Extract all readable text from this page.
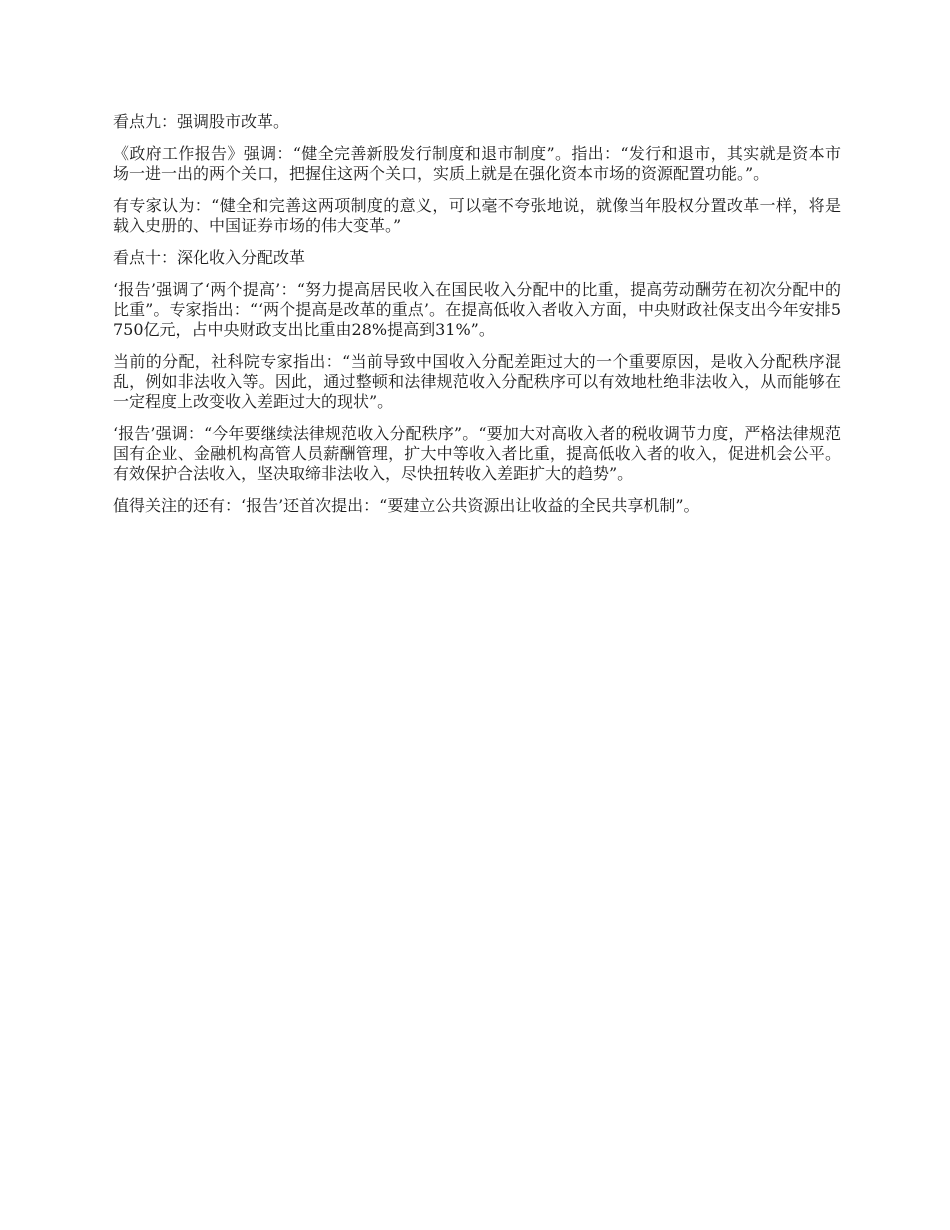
看点九：强调股市改革。

《政府工作报告》强调：“健全完善新股发行制度和退市制度”。指出：“发行和退市，其实就是资本市场一进一出的两个关口，把握住这两个关口，实质上就是在强化资本市场的资源配置功能。”。

有专家认为：“健全和完善这两项制度的意义，可以毫不夸张地说，就像当年股权分置改革一样，将是载入史册的、中国证券市场的伟大变革。”

看点十：深化收入分配改革

‘报告’强调了‘两个提高’：“努力提高居民收入在国民收入分配中的比重，提高劳动酬劳在初次分配中的比重”。专家指出：“‘两个提高是改革的重点’。在提高低收入者收入方面，中央财政社保支出今年安排5750亿元，占中央财政支出比重由28%提高到31%”。

当前的分配，社科院专家指出：“当前导致中国收入分配差距过大的一个重要原因，是收入分配秩序混乱，例如非法收入等。因此，通过整顿和法律规范收入分配秩序可以有效地杜绝非法收入，从而能够在一定程度上改变收入差距过大的现状”。

‘报告’强调：“今年要继续法律规范收入分配秩序”。“要加大对高收入者的税收调节力度，严格法律规范国有企业、金融机构高管人员薪酬管理，扩大中等收入者比重，提高低收入者的收入，促进机会公平。有效保护合法收入，坚决取缔非法收入，尽快扭转收入差距扩大的趋势”。

值得关注的还有：‘报告’还首次提出：“要建立公共资源出让收益的全民共享机制”。
